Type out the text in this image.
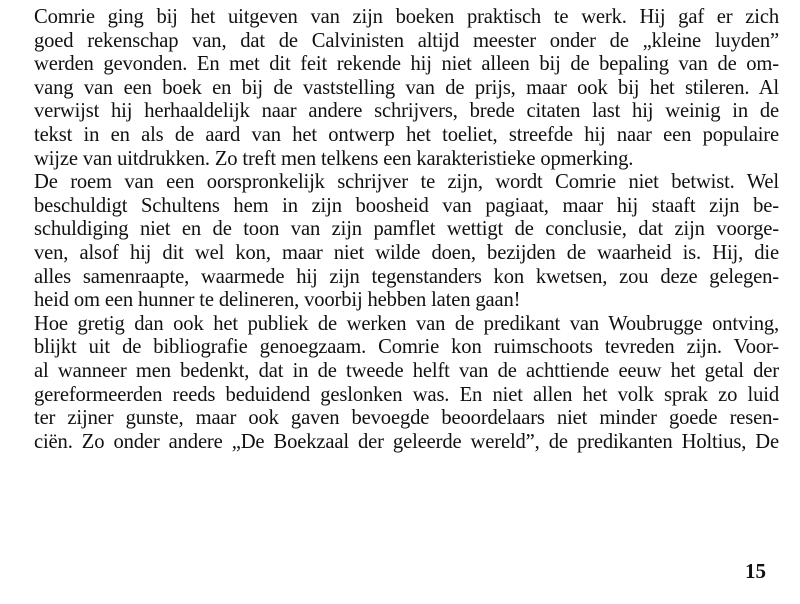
Comrie ging bij het uitgeven van zijn boeken praktisch te werk. Hij gaf er zich
goed rekenschap van, dat de Calvinisten altijd meester onder de „kleine luyden”
werden gevonden. En met dit feit rekende hij niet alleen bij de bepaling van de om-
vang van een boek en bij de vaststelling van de prijs, maar ook bij het stileren. Al
verwijst hij herhaaldelijk naar andere schrijvers, brede citaten last hij weinig in de
tekst in en als de aard van het ontwerp het toeliet, streefde hij naar een populaire
wijze van uitdrukken. Zo treft men telkens een karakteristieke opmerking.
De roem van een oorspronkelijk schrijver te zijn, wordt Comrie niet betwist. Wel
beschuldigt Schultens hem in zijn boosheid van pagiaat, maar hij staaft zijn be-
schuldiging niet en de toon van zijn pamflet wettigt de conclusie, dat zijn voorge-
ven, alsof hij dit wel kon, maar niet wilde doen, bezijden de waarheid is. Hij, die
alles samenraapte, waarmede hij zijn tegenstanders kon kwetsen, zou deze gelegen-
heid om een hunner te delineren, voorbij hebben laten gaan!
Hoe gretig dan ook het publiek de werken van de predikant van Woubrugge ontving,
blijkt uit de bibliografie genoegzaam. Comrie kon ruimschoots tevreden zijn. Voor-
al wanneer men bedenkt, dat in de tweede helft van de achttiende eeuw het getal der
gereformeerden reeds beduidend geslonken was. En niet allen het volk sprak zo luid
ter zijner gunste, maar ook gaven bevoegde beoordelaars niet minder goede resen-
ciën. Zo onder andere „De Boekzaal der geleerde wereld”, de predikanten Holtius, De
15
